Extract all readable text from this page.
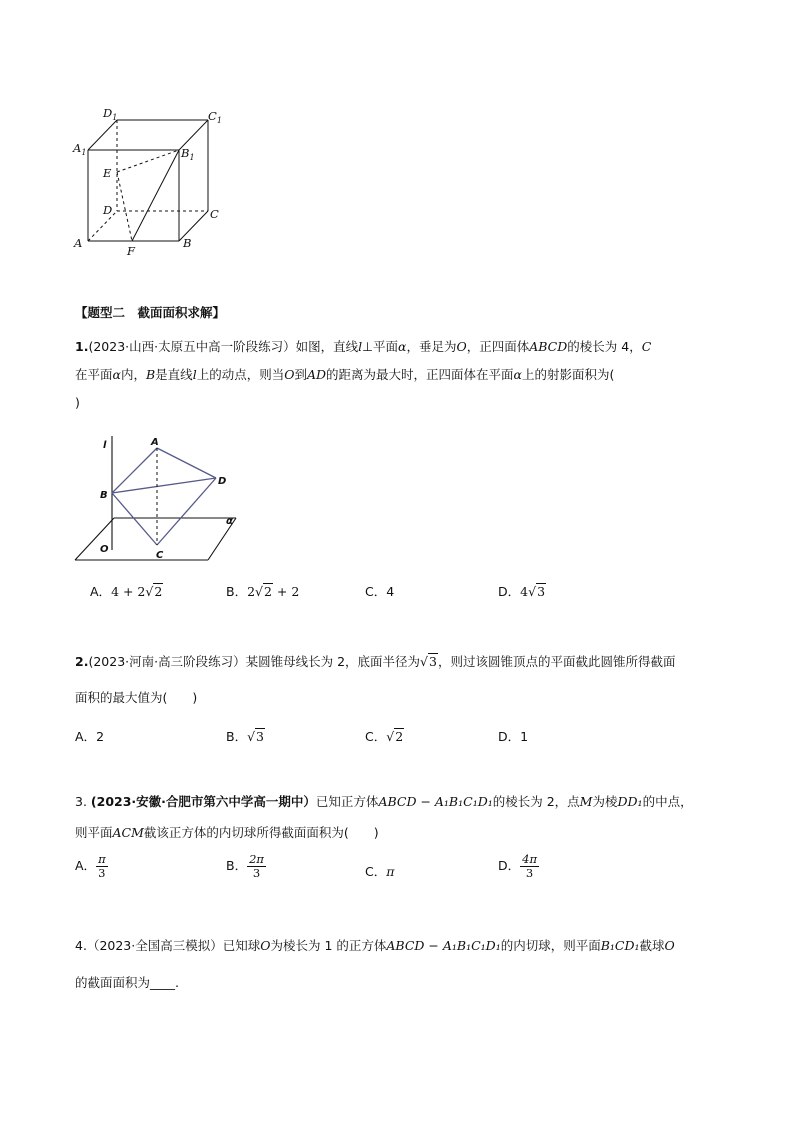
$D_1$	$C_1$
$A_1$	$B_1$
E
D	C
A	B
F
【题型二　截面面积求解】
1.(2023·山西·太原五中高一阶段练习）如图，直线l⊥平面α，垂足为O，正四面体ABCD的棱长为 4，C
在平面α内，B是直线l上的动点，则当O到AD的距离为最大时，正四面体在平面α上的射影面积为(
)
l	A
D
B
α
O
C
A．4 + 2√2	B．2√2 + 2	C．4	D．4√3
2.(2023·河南·高三阶段练习）某圆锥母线长为 2，底面半径为√3，则过该圆锥顶点的平面截此圆锥所得截面
面积的最大值为(　　)
A．2	B．√3	C．√2	D．1
3. (2023·安徽·合肥市第六中学高一期中）已知正方体ABCD − A₁B₁C₁D₁的棱长为 2，点M为棱DD₁的中点，
则平面ACM截该正方体的内切球所得截面面积为(　　)
A． $\frac{\pi}{3}$	B． $\frac{2\pi}{3}$	C．π	D． $\frac{4\pi}{3}$
4.（2023·全国高三模拟）已知球O为棱长为 1 的正方体ABCD − A₁B₁C₁D₁的内切球，则平面B₁CD₁截球O
的截面面积为____.
